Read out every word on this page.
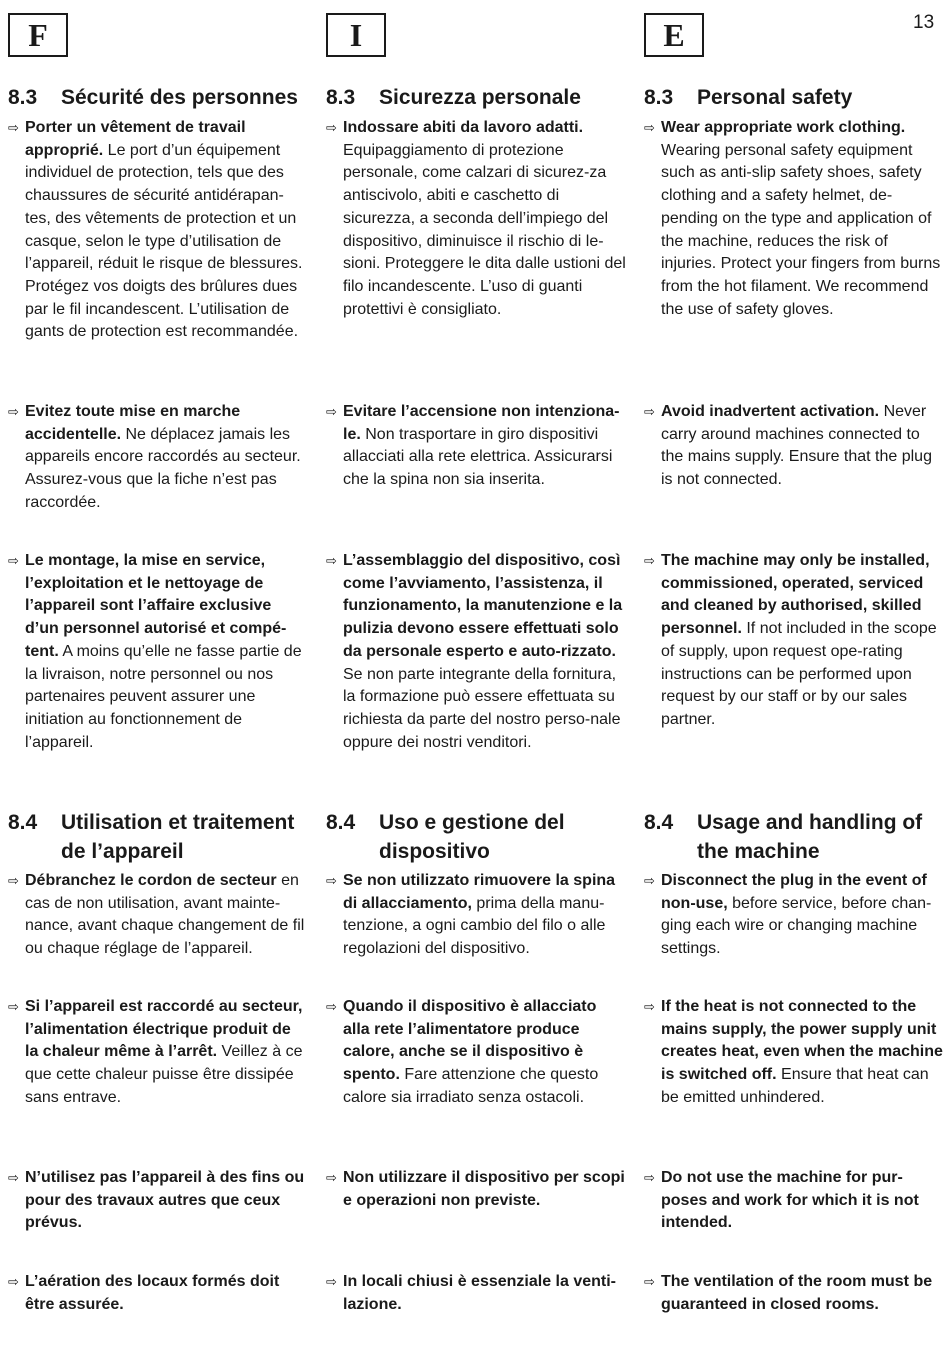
13
F
8.3 Sécurité des personnes
⇨ Porter un vêtement de travail approprié. Le port d’un équipement individuel de protection, tels que des chaussures de sécurité antidérapan-tes, des vêtements de protection et un casque, selon le type d’utilisation de l’appareil, réduit le risque de blessures. Protégez vos doigts des brûlures dues par le fil incandescent. L’utilisation de gants de protection est recommandée.
⇨ Evitez toute mise en marche accidentelle. Ne déplacez jamais les appareils encore raccordés au secteur. Assurez-vous que la fiche n’est pas raccordée.
⇨ Le montage, la mise en service, l’exploitation et le nettoyage de l’appareil sont l’affaire exclusive d’un personnel autorisé et compé-tent. A moins qu’elle ne fasse partie de la livraison, notre personnel ou nos partenaires peuvent assurer une initiation au fonctionnement de l’appareil.
8.4 Utilisation et traitement de l’appareil
⇨ Débranchez le cordon de secteur en cas de non utilisation, avant mainte-nance, avant chaque changement de fil ou chaque réglage de l’appareil.
⇨ Si l’appareil est raccordé au secteur, l’alimentation électrique produit de la chaleur même à l’arrêt. Veillez à ce que cette chaleur puisse être dissipée sans entrave.
⇨ N’utilisez pas l’appareil à des fins ou pour des travaux autres que ceux prévus.
⇨ L’aération des locaux formés doit être assurée.
I
8.3 Sicurezza personale
⇨ Indossare abiti da lavoro adatti. Equipaggiamento di protezione personale, come calzari di sicurez-za antiscivolo, abiti e caschetto di sicurezza, a seconda dell’impiego del dispositivo, diminuisce il rischio di le-sioni. Proteggere le dita dalle ustioni del filo incandescente. L’uso di guanti protettivi è consigliato.
⇨ Evitare l’accensione non intenziona-le. Non trasportare in giro dispositivi allacciati alla rete elettrica. Assicurarsi che la spina non sia inserita.
⇨ L’assemblaggio del dispositivo, così come l’avviamento, l’assistenza, il funzionamento, la manutenzione e la pulizia devono essere effettuati solo da personale esperto e auto-rizzato. Se non parte integrante della fornitura, la formazione può essere effettuata su richiesta da parte del nostro perso-nale oppure dei nostri venditori.
8.4 Uso e gestione del dispositivo
⇨ Se non utilizzato rimuovere la spina di allacciamento, prima della manu-tenzione, a ogni cambio del filo o alle regolazioni del dispositivo.
⇨ Quando il dispositivo è allacciato alla rete l’alimentatore produce calore, anche se il dispositivo è spento. Fare attenzione che questo calore sia irradiato senza ostacoli.
⇨ Non utilizzare il dispositivo per scopi e operazioni non previste.
⇨ In locali chiusi è essenziale la venti-lazione.
E
8.3 Personal safety
⇨ Wear appropriate work clothing. Wearing personal safety equipment such as anti-slip safety shoes, safety clothing and a safety helmet, de-pending on the type and application of the machine, reduces the risk of injuries. Protect your fingers from burns from the hot filament. We recommend the use of safety gloves.
⇨ Avoid inadvertent activation. Never carry around machines connected to the mains supply. Ensure that the plug is not connected.
⇨ The machine may only be installed, commissioned, operated, serviced and cleaned by authorised, skilled personnel. If not included in the scope of supply, upon request ope-rating instructions can be performed upon request by our staff or by our sales partner.
8.4 Usage and handling of the machine
⇨ Disconnect the plug in the event of non-use, before service, before chan-ging each wire or changing machine settings.
⇨ If the heat is not connected to the mains supply, the power supply unit creates heat, even when the machine is switched off. Ensure that heat can be emitted unhindered.
⇨ Do not use the machine for pur-poses and work for which it is not intended.
⇨ The ventilation of the room must be guaranteed in closed rooms.
